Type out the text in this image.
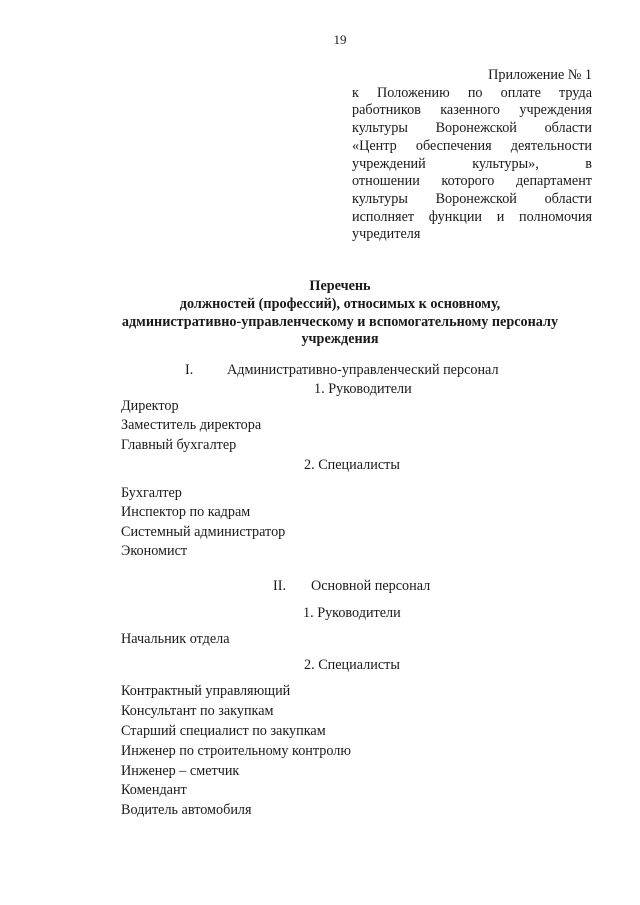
19
Приложение № 1
к Положению по оплате труда
работников казенного учреждения
культуры Воронежской области
«Центр обеспечения деятельности
учреждений культуры», в
отношении которого департамент
культуры Воронежской области
исполняет функции и полномочия
учредителя
Перечень
должностей (профессий), относимых к основному,
административно-управленческому и вспомогательному персоналу
учреждения
I. Административно-управленческий персонал
1. Руководители
Директор
Заместитель директора
Главный бухгалтер
2. Специалисты
Бухгалтер
Инспектор по кадрам
Системный администратор
Экономист
II. Основной персонал
1. Руководители
Начальник отдела
2. Специалисты
Контрактный управляющий
Консультант по закупкам
Старший специалист по закупкам
Инженер по строительному контролю
Инженер – сметчик
Комендант
Водитель автомобиля
